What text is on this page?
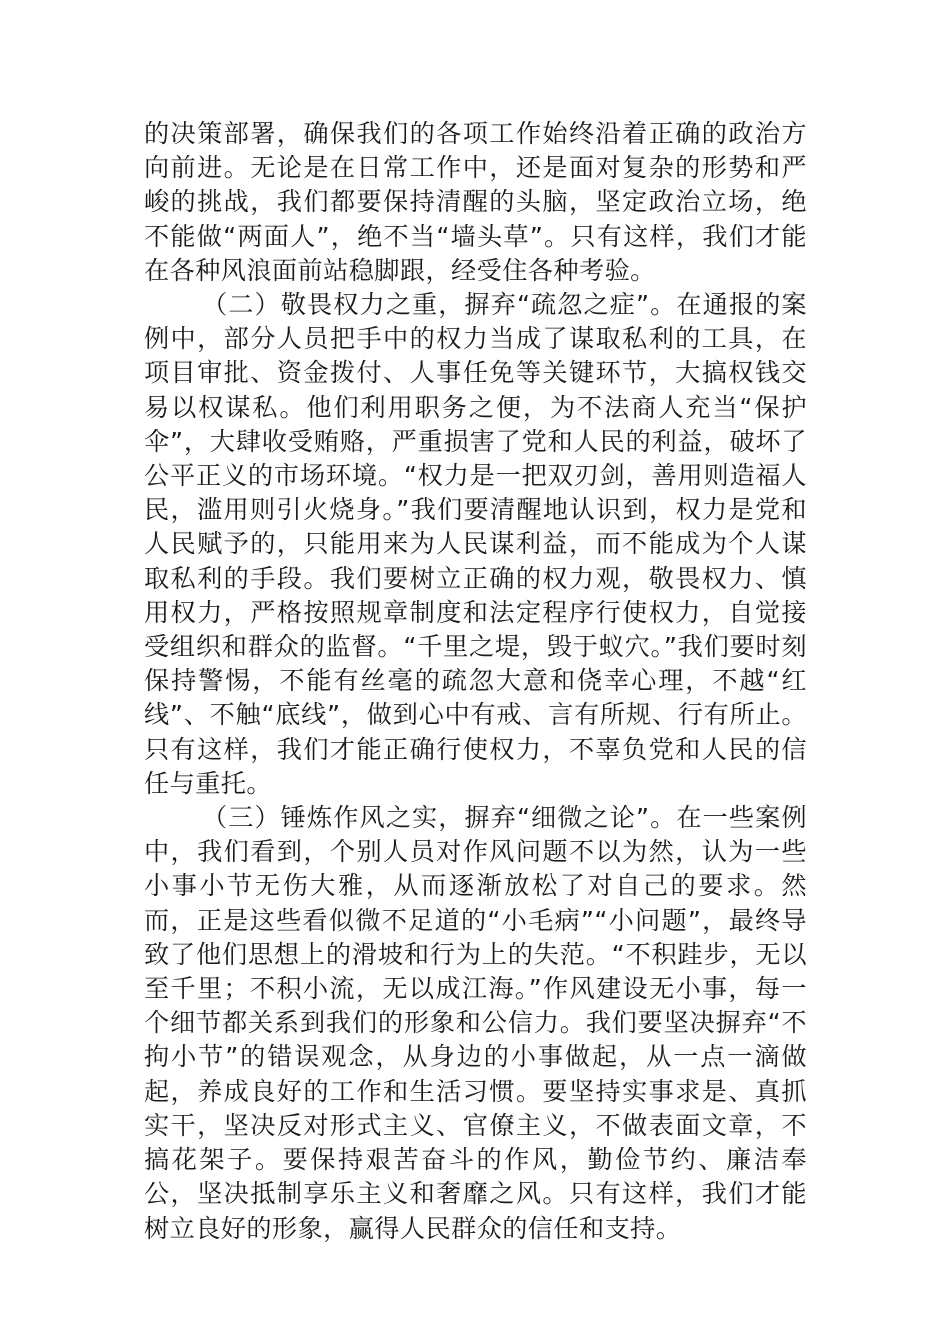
的决策部署，确保我们的各项工作始终沿着正确的政治方向前进。无论是在日常工作中，还是面对复杂的形势和严峻的挑战，我们都要保持清醒的头脑，坚定政治立场，绝不能做“两面人”，绝不当“墙头草”。只有这样，我们才能在各种风浪面前站稳脚跟，经受住各种考验。

（二）敬畏权力之重，摒弃“疏忽之症”。在通报的案例中，部分人员把手中的权力当成了谋取私利的工具，在项目审批、资金拨付、人事任免等关键环节，大搞权钱交易以权谋私。他们利用职务之便，为不法商人充当“保护伞”，大肆收受贿赂，严重损害了党和人民的利益，破坏了公平正义的市场环境。“权力是一把双刃剑，善用则造福人民，滥用则引火烧身。”我们要清醒地认识到，权力是党和人民赋予的，只能用来为人民谋利益，而不能成为个人谋取私利的手段。我们要树立正确的权力观，敬畏权力、慎用权力，严格按照规章制度和法定程序行使权力，自觉接受组织和群众的监督。“千里之堤，毁于蚁穴。”我们要时刻保持警惕，不能有丝毫的疏忽大意和侥幸心理，不越“红线”、不触“底线”，做到心中有戒、言有所规、行有所止。只有这样，我们才能正确行使权力，不辜负党和人民的信任与重托。

（三）锤炼作风之实，摒弃“细微之论”。在一些案例中，我们看到，个别人员对作风问题不以为然，认为一些小事小节无伤大雅，从而逐渐放松了对自己的要求。然而，正是这些看似微不足道的“小毛病”“小问题”，最终导致了他们思想上的滑坡和行为上的失范。“不积跬步，无以至千里；不积小流，无以成江海。”作风建设无小事，每一个细节都关系到我们的形象和公信力。我们要坚决摒弃“不拘小节”的错误观念，从身边的小事做起，从一点一滴做起，养成良好的工作和生活习惯。要坚持实事求是、真抓实干，坚决反对形式主义、官僚主义，不做表面文章，不搞花架子。要保持艰苦奋斗的作风，勤俭节约、廉洁奉公，坚决抵制享乐主义和奢靡之风。只有这样，我们才能树立良好的形象，赢得人民群众的信任和支持。
